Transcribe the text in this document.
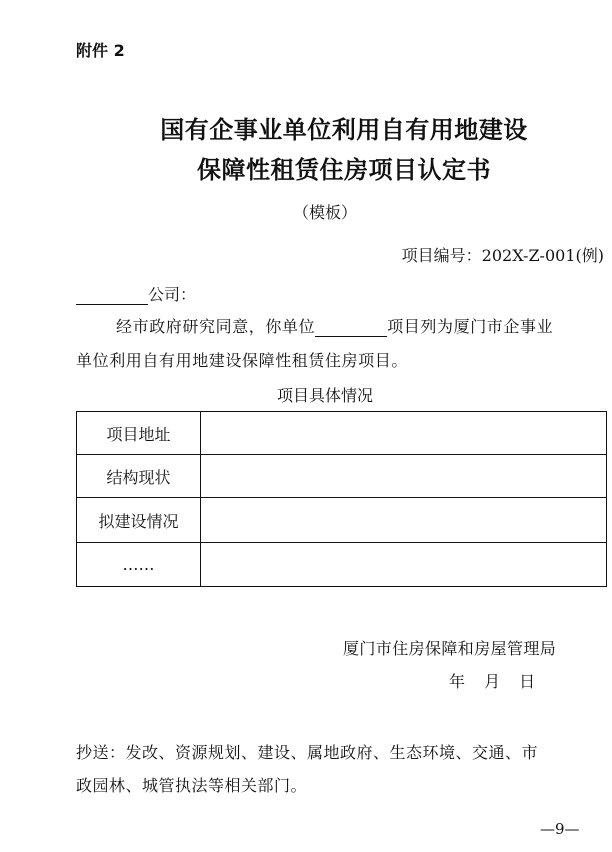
附件 2
国有企事业单位利用自有用地建设
保障性租赁住房项目认定书
（模板）
项目编号：202X-Z-001(例)
公司：
经市政府研究同意，你单位	项目列为厦门市企事业
单位利用自有用地建设保障性租赁住房项目。
项目具体情况
项目地址	
结构现状	
拟建设情况	
……	
厦门市住房保障和房屋管理局
年 月 日
抄送：发改、资源规划、建设、属地政府、生态环境、交通、市
政园林、城管执法等相关部门。
—9—
